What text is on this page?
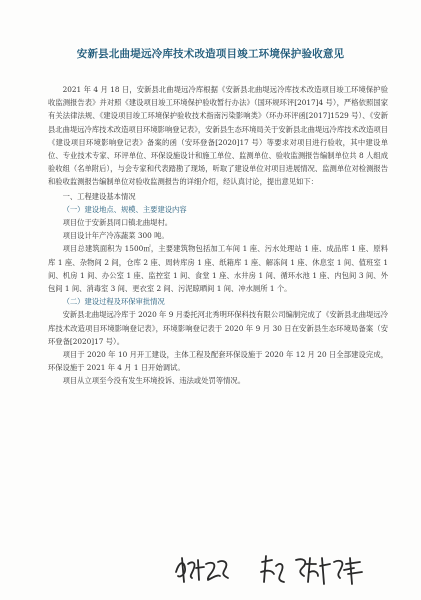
安新县北曲堤远冷库技术改造项目竣工环境保护验收意见

2021 年 4 月 18 日，安新县北曲堤远冷库根据《安新县北曲堤远冷库技术改造项目竣工环境保护验收监测报告表》并对照《建设项目竣工环境保护验收暂行办法》（国环规环评[2017]4 号），严格依照国家有关法律法规、《建设项目竣工环境保护验收技术指南污染影响类》（环办环评函[2017]1529 号）、《安新县北曲堤远冷库技术改造项目环境影响登记表》，安新县生态环境局关于安新县北曲堤远冷库技术改造项目《建设项目环境影响登记表》备案的函（安环登备[2020]17 号）等要求对项目进行验收，其中建设单位、专业技术专家、环评单位、环保设施设计和施工单位、监测单位、验收监测报告编制单位共 8 人组成验收组（名单附后），与会专家和代表踏勘了现场，听取了建设单位对项目进展情况、监测单位对检测报告和验收监测报告编制单位对验收监测报告的详细介绍，经认真讨论，提出意见如下：

一、工程建设基本情况

（一）建设地点、规模、主要建设内容

项目位于安新县同口镇北曲堤村。

项目设计年产冷冻蔬菜 300 吨。

项目总建筑面积为 1500㎡，主要建筑物包括加工车间 1 座、污水处理站 1 座、成品库 1 座、原料库 1 座、杂物间 2 间，仓库 2 座、周转库房 1 座、纸箱库 1 座、解冻间 1 座、休息室 1 间、值班室 1 间、机房 1 间、办公室 1 座、监控室 1 间、食堂 1 座、水井房 1 间、循环水池 1 座、内包间 3 间、外包间 1 间、消毒室 3 间、更衣室 2 间、污泥晾晒间 1 间、冲水厕所 1 个。

（二）建设过程及环保审批情况

安新县北曲堤远冷库于 2020 年 9 月委托河北秀明环保科技有限公司编制完成了《安新县北曲堤远冷库技术改造项目环境影响登记表》，环境影响登记表于 2020 年 9 月 30 日在安新县生态环境局备案（安环登备[2020]17 号）。

项目于 2020 年 10 月开工建设，主体工程及配套环保设施于 2020 年 12 月 20 日全部建设完成，环保设施于 2021 年 4 月 1 日开始调试。

项目从立项至今没有发生环境投诉、违法或处罚等情况。
